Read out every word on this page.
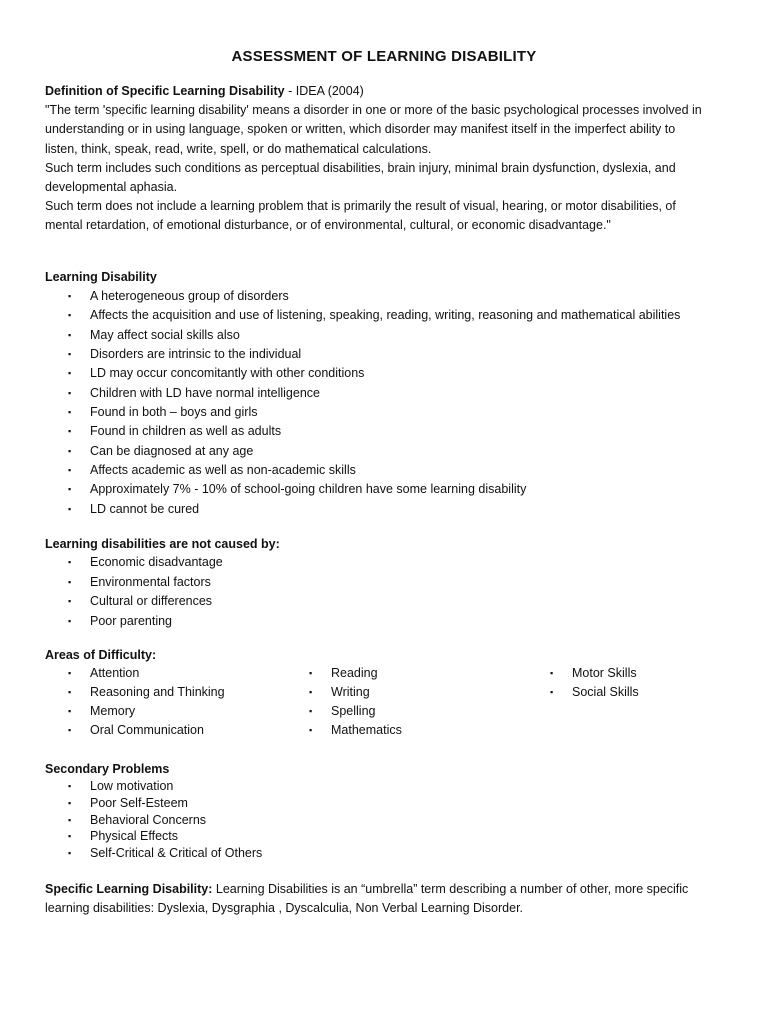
ASSESSMENT OF LEARNING DISABILITY

Definition of Specific Learning Disability - IDEA (2004)

"The term 'specific learning disability' means a disorder in one or more of the basic psychological processes involved in

understanding or in using language, spoken or written, which disorder may manifest itself in the imperfect ability to

listen, think, speak, read, write, spell, or do mathematical calculations.

Such term includes such conditions as perceptual disabilities, brain injury, minimal brain dysfunction, dyslexia, and

developmental aphasia.

Such term does not include a learning problem that is primarily the result of visual, hearing, or motor disabilities, of

mental retardation, of emotional disturbance, or of environmental, cultural, or economic disadvantage."

Learning Disability
▪ A heterogeneous group of disorders
▪ Affects the acquisition and use of listening, speaking, reading, writing, reasoning and mathematical abilities
▪ May affect social skills also
▪ Disorders are intrinsic to the individual
▪ LD may occur concomitantly with other conditions
▪ Children with LD have normal intelligence
▪ Found in both – boys and girls
▪ Found in children as well as adults
▪ Can be diagnosed at any age
▪ Affects academic as well as non-academic skills
▪ Approximately 7% - 10% of school-going children have some learning disability
▪ LD cannot be cured
Learning disabilities are not caused by:
▪ Economic disadvantage
▪ Environmental factors
▪ Cultural or differences
▪ Poor parenting
Areas of Difficulty:
▪ Attention
▪ Reasoning and Thinking
▪ Memory
▪ Oral Communication
▪ Reading
▪ Writing
▪ Spelling
▪ Mathematics
▪ Motor Skills
▪ Social Skills
Secondary Problems
▪ Low motivation
▪ Poor Self-Esteem
▪ Behavioral Concerns
▪ Physical Effects
▪ Self-Critical & Critical of Others

Specific Learning Disability: Learning Disabilities is an “umbrella” term describing a number of other, more specific

learning disabilities: Dyslexia, Dysgraphia , Dyscalculia, Non Verbal Learning Disorder.
